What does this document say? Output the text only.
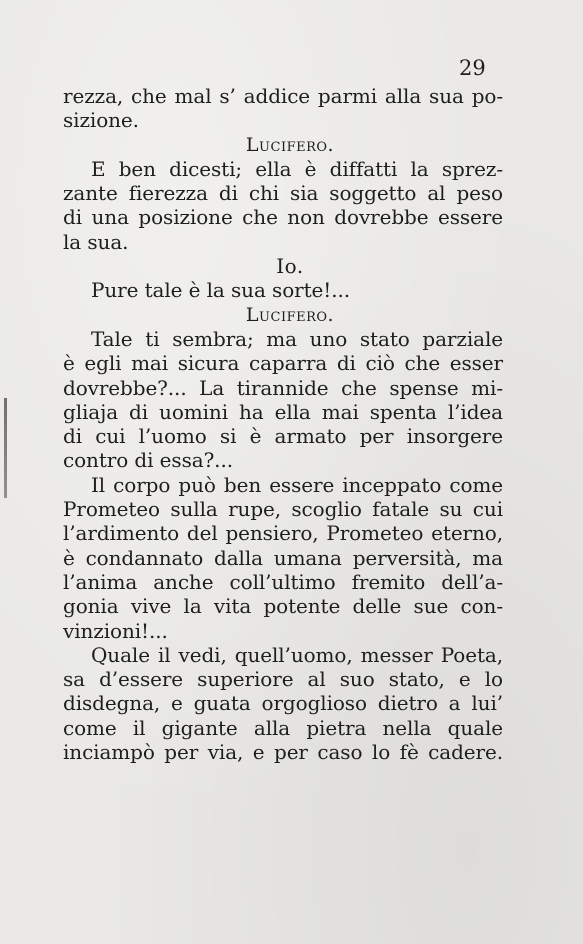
29
rezza, che mal s’ addice parmi alla sua po-
sizione.
Lucifero.
E ben dicesti; ella è diffatti la sprez-
zante fierezza di chi sia soggetto al peso
di una posizione che non dovrebbe essere
la sua.
Io.
Pure tale è la sua sorte!...
Lucifero.
Tale ti sembra; ma uno stato parziale
è egli mai sicura caparra di ciò che esser
dovrebbe?... La tirannide che spense mi-
gliaja di uomini ha ella mai spenta l’idea
di cui l’uomo si è armato per insorgere
contro di essa?...
Il corpo può ben essere inceppato come
Prometeo sulla rupe, scoglio fatale su cui
l’ardimento del pensiero, Prometeo eterno,
è condannato dalla umana perversità, ma
l’anima anche coll’ultimo fremito dell’a-
gonia vive la vita potente delle sue con-
vinzioni!...
Quale il vedi, quell’uomo, messer Poeta,
sa d’essere superiore al suo stato, e lo
disdegna, e guata orgoglioso dietro a lui’
come il gigante alla pietra nella quale
inciampò per via, e per caso lo fè cadere.
